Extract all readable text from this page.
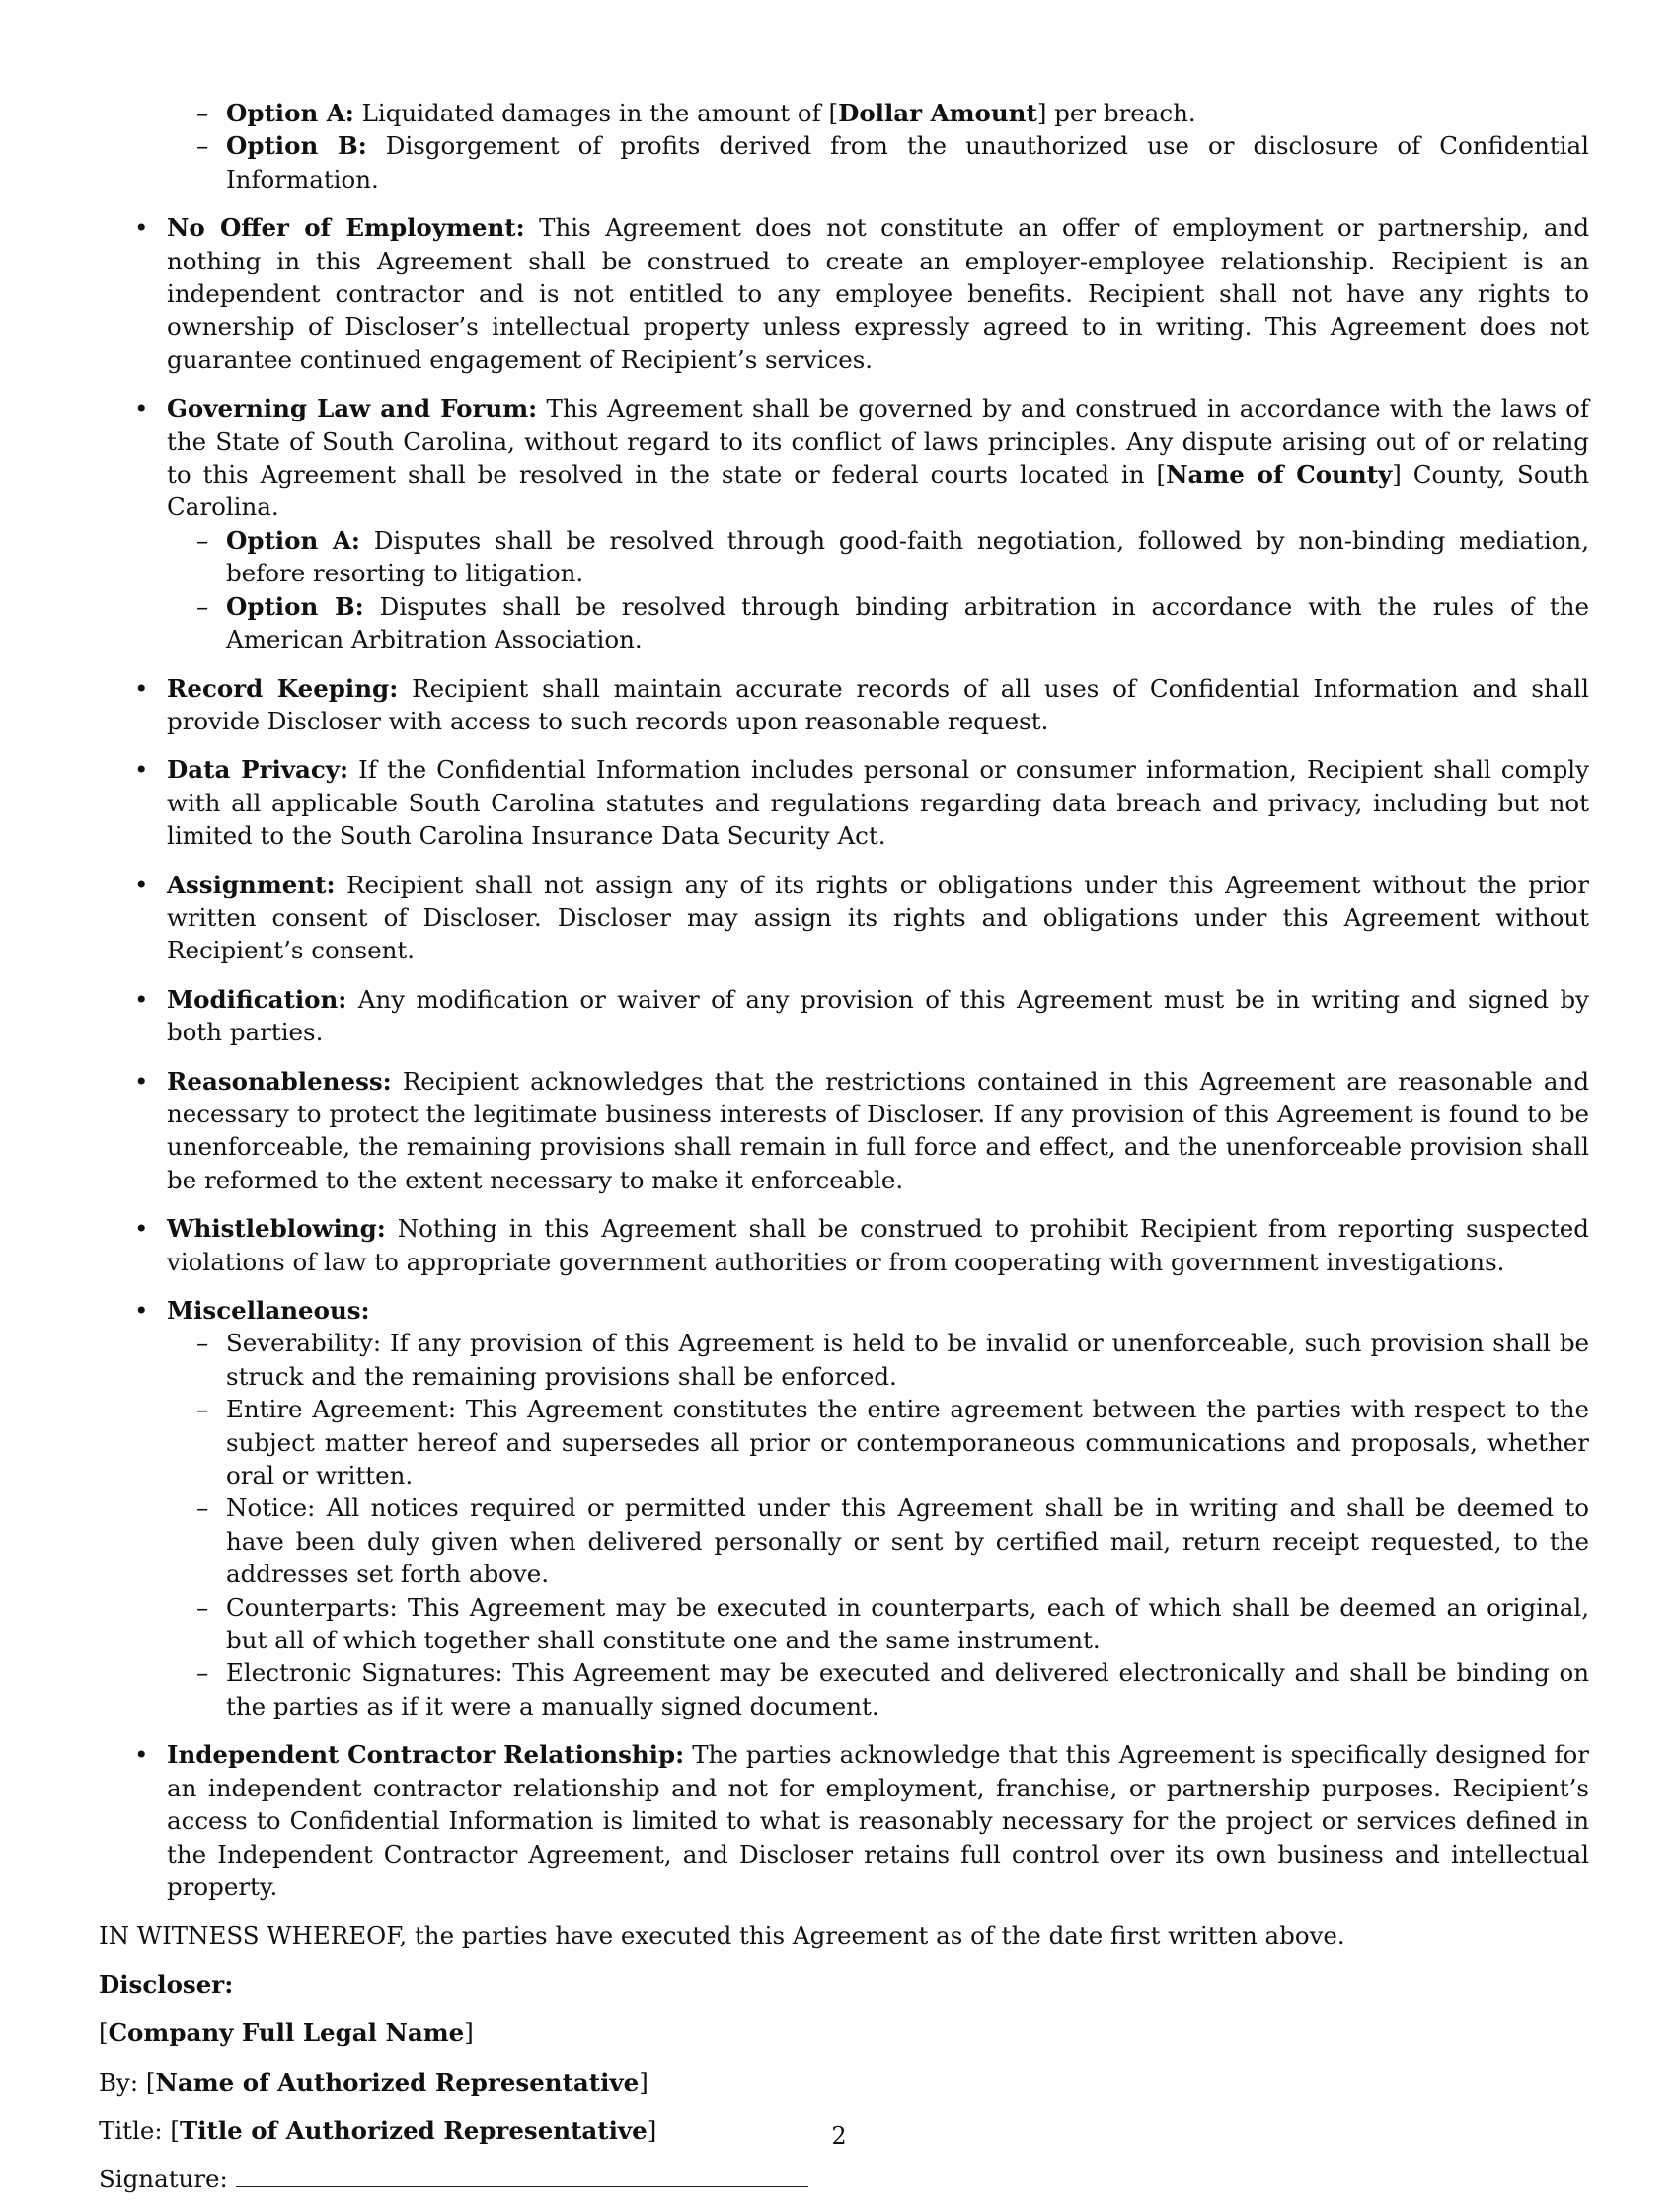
– Option A: Liquidated damages in the amount of [Dollar Amount] per breach.
– Option B: Disgorgement of profits derived from the unauthorized use or disclosure of Confidential Information.
• No Offer of Employment: This Agreement does not constitute an offer of employment or partnership, and nothing in this Agreement shall be construed to create an employer-employee relationship. Recipient is an independent contractor and is not entitled to any employee benefits. Recipient shall not have any rights to ownership of Discloser’s intellectual property unless expressly agreed to in writing. This Agreement does not guarantee continued engagement of Recipient’s services.
• Governing Law and Forum: This Agreement shall be governed by and construed in accordance with the laws of the State of South Carolina, without regard to its conflict of laws principles. Any dispute arising out of or relating to this Agreement shall be resolved in the state or federal courts located in [Name of County] County, South Carolina.
– Option A: Disputes shall be resolved through good-faith negotiation, followed by non-binding mediation, before resorting to litigation.
– Option B: Disputes shall be resolved through binding arbitration in accordance with the rules of the American Arbitration Association.
• Record Keeping: Recipient shall maintain accurate records of all uses of Confidential Information and shall provide Discloser with access to such records upon reasonable request.
• Data Privacy: If the Confidential Information includes personal or consumer information, Recipient shall comply with all applicable South Carolina statutes and regulations regarding data breach and privacy, including but not limited to the South Carolina Insurance Data Security Act.
• Assignment: Recipient shall not assign any of its rights or obligations under this Agreement without the prior written consent of Discloser. Discloser may assign its rights and obligations under this Agreement without Recipient’s consent.
• Modification: Any modification or waiver of any provision of this Agreement must be in writing and signed by both parties.
• Reasonableness: Recipient acknowledges that the restrictions contained in this Agreement are reasonable and necessary to protect the legitimate business interests of Discloser. If any provision of this Agreement is found to be unenforceable, the remaining provisions shall remain in full force and effect, and the unenforceable provision shall be reformed to the extent necessary to make it enforceable.
• Whistleblowing: Nothing in this Agreement shall be construed to prohibit Recipient from reporting suspected violations of law to appropriate government authorities or from cooperating with government investigations.
• Miscellaneous:
– Severability: If any provision of this Agreement is held to be invalid or unenforceable, such provision shall be struck and the remaining provisions shall be enforced.
– Entire Agreement: This Agreement constitutes the entire agreement between the parties with respect to the subject matter hereof and supersedes all prior or contemporaneous communications and proposals, whether oral or written.
– Notice: All notices required or permitted under this Agreement shall be in writing and shall be deemed to have been duly given when delivered personally or sent by certified mail, return receipt requested, to the addresses set forth above.
– Counterparts: This Agreement may be executed in counterparts, each of which shall be deemed an original, but all of which together shall constitute one and the same instrument.
– Electronic Signatures: This Agreement may be executed and delivered electronically and shall be binding on the parties as if it were a manually signed document.
• Independent Contractor Relationship: The parties acknowledge that this Agreement is specifically designed for an independent contractor relationship and not for employment, franchise, or partnership purposes. Recipient’s access to Confidential Information is limited to what is reasonably necessary for the project or services defined in the Independent Contractor Agreement, and Discloser retains full control over its own business and intellectual property.
IN WITNESS WHEREOF, the parties have executed this Agreement as of the date first written above.
Discloser:
[Company Full Legal Name]
By: [Name of Authorized Representative]
Title: [Title of Authorized Representative]
Signature:
2
